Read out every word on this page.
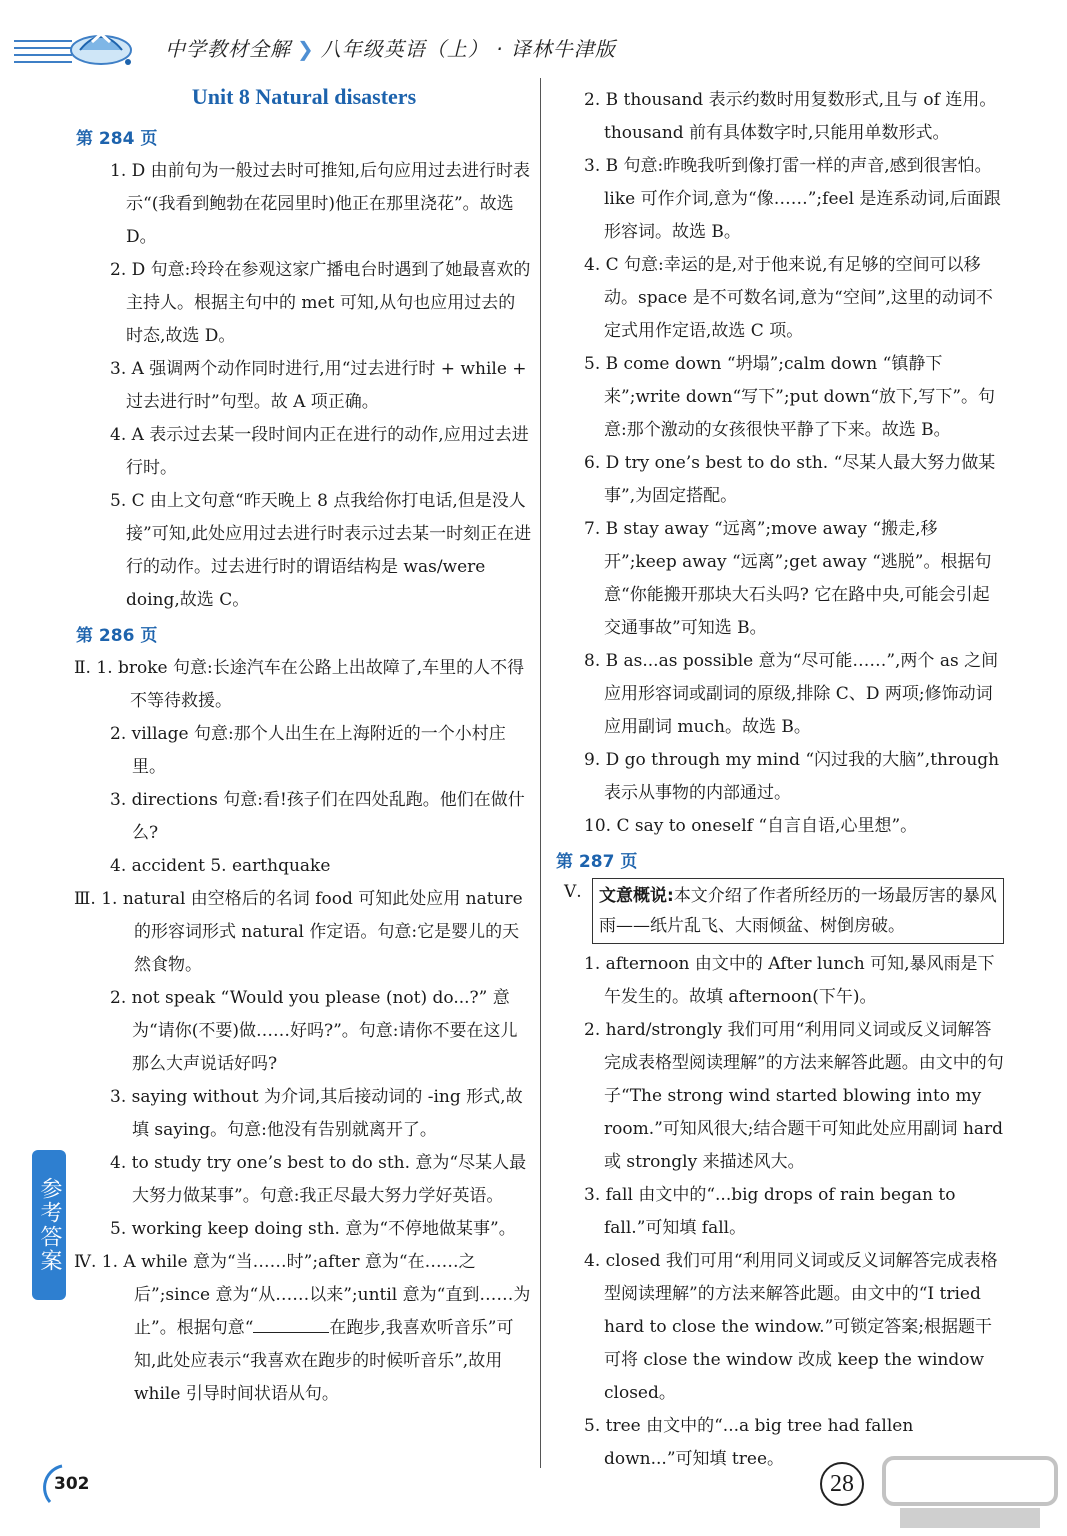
中学教材全解 ❯ 八年级英语（上） · 译林牛津版
Unit 8 Natural disasters
第 284 页

1. D 由前句为一般过去时可推知,后句应用过去进行时表示“(我看到鲍勃在花园里时)他正在那里浇花”。故选 D。

2. D 句意:玲玲在参观这家广播电台时遇到了她最喜欢的主持人。根据主句中的 met 可知,从句也应用过去的时态,故选 D。

3. A 强调两个动作同时进行,用“过去进行时 + while + 过去进行时”句型。故 A 项正确。

4. A 表示过去某一段时间内正在进行的动作,应用过去进行时。

5. C 由上文句意“昨天晚上 8 点我给你打电话,但是没人接”可知,此处应用过去进行时表示过去某一时刻正在进行的动作。过去进行时的谓语结构是 was/were doing,故选 C。

第 286 页

Ⅱ. 1. broke 句意:长途汽车在公路上出故障了,车里的人不得不等待救援。

2. village 句意:那个人出生在上海附近的一个小村庄里。

3. directions 句意:看!孩子们在四处乱跑。他们在做什么?

4. accident 5. earthquake

Ⅲ. 1. natural 由空格后的名词 food 可知此处应用 nature 的形容词形式 natural 作定语。句意:它是婴儿的天然食物。

2. not speak “Would you please (not) do...?” 意为“请你(不要)做……好吗?”。句意:请你不要在这儿那么大声说话好吗?

3. saying without 为介词,其后接动词的 -ing 形式,故填 saying。句意:他没有告别就离开了。

4. to study try one’s best to do sth. 意为“尽某人最大努力做某事”。句意:我正尽最大努力学好英语。

5. working keep doing sth. 意为“不停地做某事”。

Ⅳ. 1. A while 意为“当……时”;after 意为“在……之后”;since 意为“从……以来”;until 意为“直到……为止”。根据句意“	在跑步,我喜欢听音乐”可知,此处应表示“我喜欢在跑步的时候听音乐”,故用 while 引导时间状语从句。

2. B thousand 表示约数时用复数形式,且与 of 连用。thousand 前有具体数字时,只能用单数形式。

3. B 句意:昨晚我听到像打雷一样的声音,感到很害怕。like 可作介词,意为“像……”;feel 是连系动词,后面跟形容词。故选 B。

4. C 句意:幸运的是,对于他来说,有足够的空间可以移动。space 是不可数名词,意为“空间”,这里的动词不定式用作定语,故选 C 项。

5. B come down “坍塌”;calm down “镇静下来”;write down“写下”;put down“放下,写下”。句意:那个激动的女孩很快平静了下来。故选 B。

6. D try one’s best to do sth. “尽某人最大努力做某事”,为固定搭配。

7. B stay away “远离”;move away “搬走,移开”;keep away “远离”;get away “逃脱”。根据句意“你能搬开那块大石头吗? 它在路中央,可能会引起交通事故”可知选 B。

8. B as...as possible 意为“尽可能……”,两个 as 之间应用形容词或副词的原级,排除 C、D 两项;修饰动词应用副词 much。故选 B。

9. D go through my mind “闪过我的大脑”,through 表示从事物的内部通过。

10. C say to oneself “自言自语,心里想”。

第 287 页
Ⅴ.	文意概说:本文介绍了作者所经历的一场最厉害的暴风雨——纸片乱飞、大雨倾盆、树倒房破。

1. afternoon 由文中的 After lunch 可知,暴风雨是下午发生的。故填 afternoon(下午)。

2. hard/strongly 我们可用“利用同义词或反义词解答完成表格型阅读理解”的方法来解答此题。由文中的句子“The strong wind started blowing into my room.”可知风很大;结合题干可知此处应用副词 hard 或 strongly 来描述风大。

3. fall 由文中的“...big drops of rain began to fall.”可知填 fall。

4. closed 我们可用“利用同义词或反义词解答完成表格型阅读理解”的方法来解答此题。由文中的“I tried hard to close the window.”可锁定答案;根据题干可将 close the window 改成 keep the window closed。

5. tree 由文中的“...a big tree had fallen down...”可知填 tree。

参考答案
302	28
